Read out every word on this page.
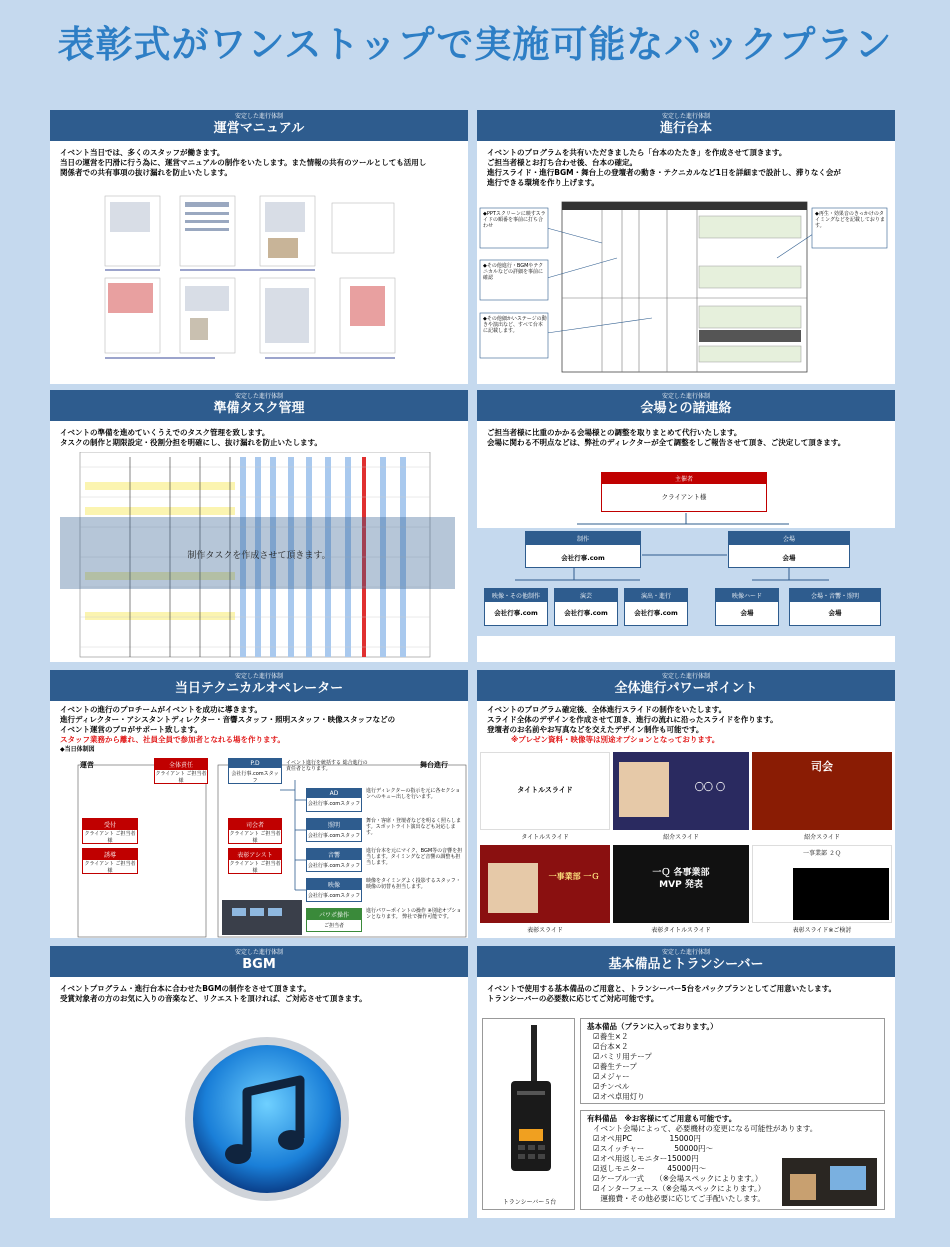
表彰式がワンストップで実施可能なパックプラン
安定した進行体制
運営マニュアル
イベント当日では、多くのスタッフが働きます。
当日の運営を円滑に行う為に、運営マニュアルの制作をいたします。また情報の共有のツールとしても活用し
関係者での共有事項の抜け漏れを防止いたします。
安定した進行体制
進行台本
イベントのプログラムを共有いただきましたら「台本のたたき」を作成させて頂きます。
ご担当者様とお打ち合わせ後、台本の確定。
進行スライド・進行BGM・舞台上の登壇者の動き・テクニカルなど1日を詳細まで設計し、滞りなく会が
進行できる環境を作り上げます。
◆PPTスクリーンに映すスライドの順番を事前に打ち合わせ
◆その他進行・BGMやテクニカルなどの詳細を事前に確認
◆その他細かいステージの動きや演出など、すべて台本に記載します。
◆再生・効果音のきっかけのタイミングなどを記載しております。
安定した進行体制
準備タスク管理
イベントの準備を進めていくうえでのタスク管理を致します。
タスクの制作と期限設定・役割分担を明確にし、抜け漏れを防止いたします。
制作タスクを作成させて頂きます。
安定した進行体制
会場との諸連絡
ご担当者様に比重のかかる会場様との調整を取りまとめて代行いたします。
会場に関わる不明点などは、弊社のディレクターが全て調整をしご報告させて頂き、ご決定して頂きます。
主催者
クライアント様
制作
会社行事.com
会場
会場
映像・その他制作
会社行事.com
演芸
会社行事.com
演出・進行
会社行事.com
映像ハード
会場
会場・音響・照明
会場
安定した進行体制
当日テクニカルオペレーター
イベントの進行のプロチームがイベントを成功に導きます。
進行ディレクター・アシスタントディレクター・音響スタッフ・照明スタッフ・映像スタッフなどの
イベント運営のプロがサポート致します。
スタッフ業務から離れ、社員全員で参加者となれる場を作ります。
◆当日体制図
運営	舞台進行
全体責任
クライアント ご担当者様
受付
クライアント ご担当者様
誘導
クライアント ご担当者様
司会者
クライアント ご担当者様
表彰アシスト
クライアント ご担当者様
P.D
会社行事.comスタッフ
イベント進行を統括する 総合進行の責任者となります。
AD
会社行事.comスタッフ
進行ディレクターの指示を元に各セクションへのキュー出しを行います。
照明
会社行事.comスタッフ
舞台・客席・登壇者などを明るく照らします。スポットライト演出なども対応します。
音響
会社行事.comスタッフ
進行台本を元にマイク、BGM等の音響を担当します。タイミングなど音響の調整も担当します。
映像
会社行事.comスタッフ
映像をタイミングよく投影するスタッフ・映像の切替も担当します。
パワポ操作
ご担当者
進行パワーポイントの操作 ※別途オプションとなります。 弊社で操作可能です。
安定した進行体制
全体進行パワーポイント
イベントのプログラム確定後、全体進行スライドの制作をいたします。
スライド全体のデザインを作成させて頂き、進行の流れに沿ったスライドを作ります。
登壇者のお名前やお写真などを交えたデザイン制作も可能です。
※プレゼン資料・映像等は別途オプションとなっております。
タイトルスライド
タイトルスライド
〇〇 〇
紹介スライド
司会
紹介スライド
一事業部 一Ｇ
表彰スライド
一Ｑ 各事業部 MVP 発表
表彰タイトルスライド
一事業部 ２Ｑ
表彰スライド※ご検討
安定した進行体制
BGM
イベントプログラム・進行台本に合わせたBGMの制作をさせて頂きます。
受賞対象者の方のお気に入りの音楽など、リクエストを頂ければ、ご対応させて頂きます。
安定した進行体制
基本備品とトランシーバー
イベントで使用する基本備品のご用意と、トランシーバー5台をパックプランとしてご用意いたします。
トランシーバーの必要数に応じてご対応可能です。
トランシーバー５台
基本備品（プランに入っております。）
☑養生×２
☑台本×２
☑バミリ用テープ
☑養生テープ
☑メジャー
☑チンベル
☑オペ卓用灯り
有料備品　※お客様にてご用意も可能です。
イベント会場によって、必要機材の変更になる可能性があります。
☑オペ用PC　　　　　15000円
☑スイッチャー　　　　50000円〜
☑オペ用返しモニター15000円
☑返しモニター　　　45000円〜
☑ケーブル一式　　（※会場スペックによります。）
☑インターフェース（※会場スペックによります。）
　運搬費・その他必要に応じてご手配いたします。
